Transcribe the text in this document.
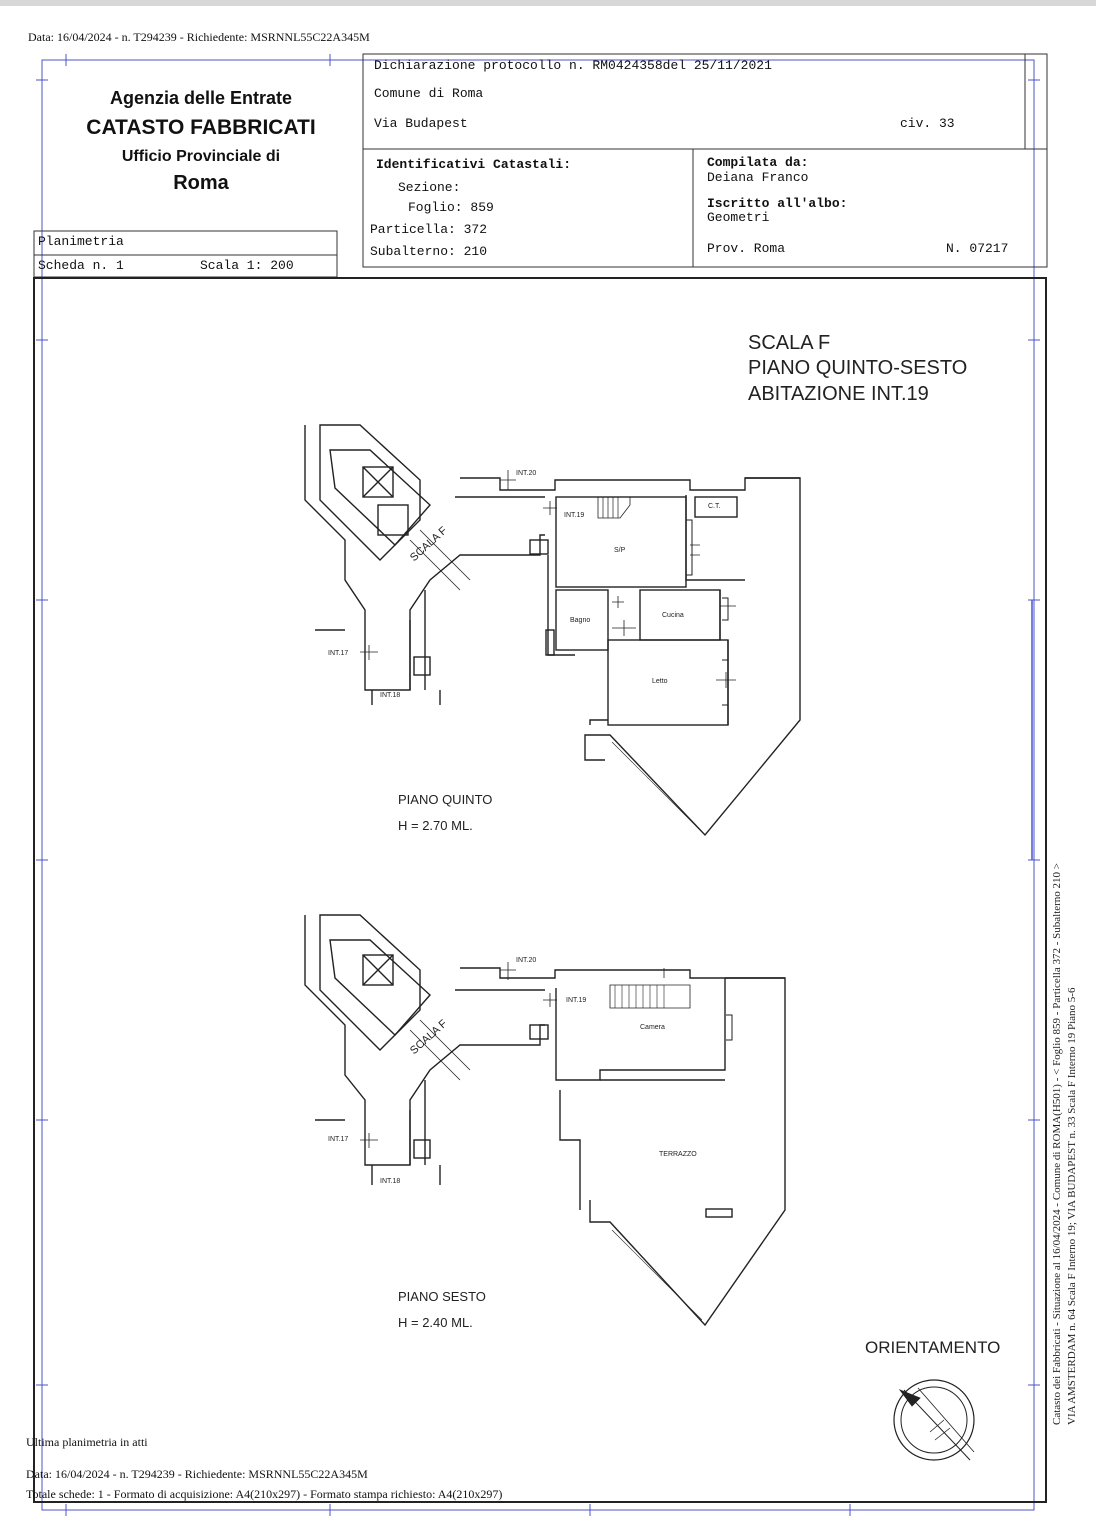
Data: 16/04/2024 - n. T294239 - Richiedente: MSRNNL55C22A345M
Agenzia delle Entrate
CATASTO FABBRICATI
Ufficio Provinciale di
Roma
Dichiarazione protocollo n. RM0424358del 25/11/2021
Comune di Roma
Via Budapest	civ. 33
Identificativi Catastali:
Sezione:
Foglio: 859
Particella: 372
Subalterno: 210
Compilata da:
Deiana Franco
Iscritto all'albo:
Geometri
Prov. Roma	N. 07217
Planimetria
Scheda n. 1	Scala 1: 200
SCALA F
PIANO QUINTO-SESTO
ABITAZIONE INT.19
SCALA F	S/P
Bagno
Cucina
Letto
C.T.
INT.20
INT.19
INT.17
INT.18
PIANO QUINTO
H = 2.70 ML.
SCALA F	Camera
TERRAZZO
INT.20
INT.19
INT.17
INT.18
PIANO SESTO
H = 2.40 ML.
ORIENTAMENTO
Ultima planimetria in atti
Data: 16/04/2024 - n. T294239 - Richiedente: MSRNNL55C22A345M
Totale schede: 1 - Formato di acquisizione: A4(210x297) - Formato stampa richiesto: A4(210x297)
Catasto dei Fabbricati - Situazione al 16/04/2024 - Comune di ROMA(H501) - < Foglio 859 - Particella 372 - Subalterno 210 > VIA AMSTERDAM n. 64 Scala F Interno 19; VIA BUDAPEST n. 33 Scala F Interno 19 Piano 5-6
